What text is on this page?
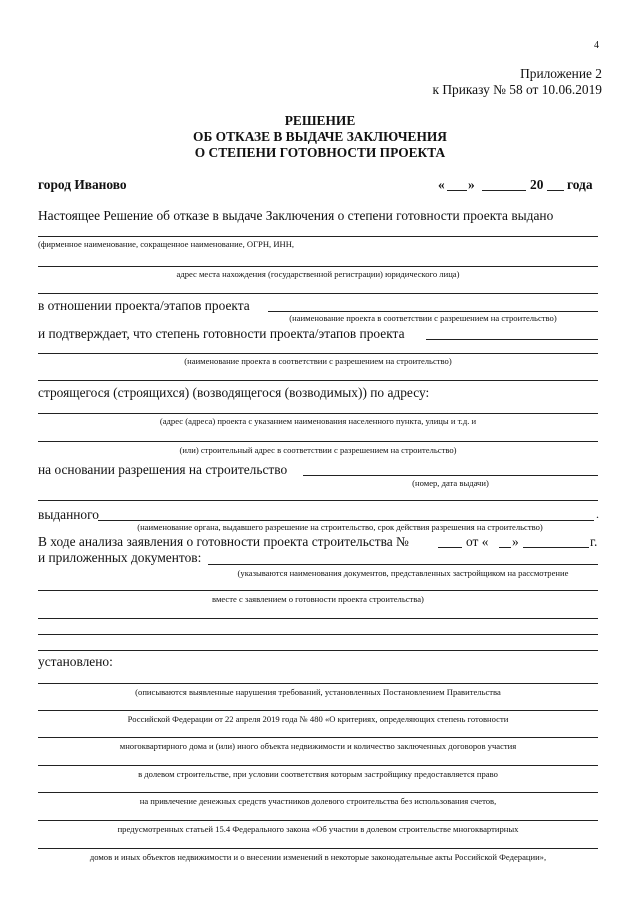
4
Приложение 2
к Приказу № 58 от 10.06.2019
РЕШЕНИЕ
ОБ ОТКАЗЕ В ВЫДАЧЕ ЗАКЛЮЧЕНИЯ
О СТЕПЕНИ ГОТОВНОСТИ ПРОЕКТА
город Иваново	« »	20 года
Настоящее Решение об отказе в выдаче Заключения о степени готовности проекта выдано
(фирменное наименование, сокращенное наименование, ОГРН, ИНН,
адрес места нахождения (государственной регистрации) юридического лица)
в отношении проекта/этапов проекта
(наименование проекта в соответствии с разрешением на строительство)
и подтверждает, что степень готовности проекта/этапов проекта
(наименование проекта в соответствии с разрешением на строительство)
строящегося (строящихся) (возводящегося (возводимых)) по адресу:
(адрес (адреса) проекта с указанием наименования населенного пункта, улицы и т.д. и
(или) строительный адрес в соответствии с разрешением на строительство)
на основании разрешения на строительство
(номер, дата выдачи)
выданного	.
(наименование органа, выдавшего разрешение на строительство, срок действия разрешения на строительство)
В ходе анализа заявления о готовности проекта строительства №	от « »	г.
и приложенных документов:
(указываются наименования документов, представленных застройщиком на рассмотрение
вместе с заявлением о готовности проекта строительства)
установлено:
(описываются выявленные нарушения требований, установленных Постановлением Правительства
Российской Федерации от 22 апреля 2019 года № 480 «О критериях, определяющих степень готовности
многоквартирного дома и (или) иного объекта недвижимости и количество заключенных договоров участия
в долевом строительстве, при условии соответствия которым застройщику предоставляется право
на привлечение денежных средств участников долевого строительства без использования счетов,
предусмотренных статьей 15.4 Федерального закона «Об участии в долевом строительстве многоквартирных
домов и иных объектов недвижимости и о внесении изменений в некоторые законодательные акты Российской Федерации»,
